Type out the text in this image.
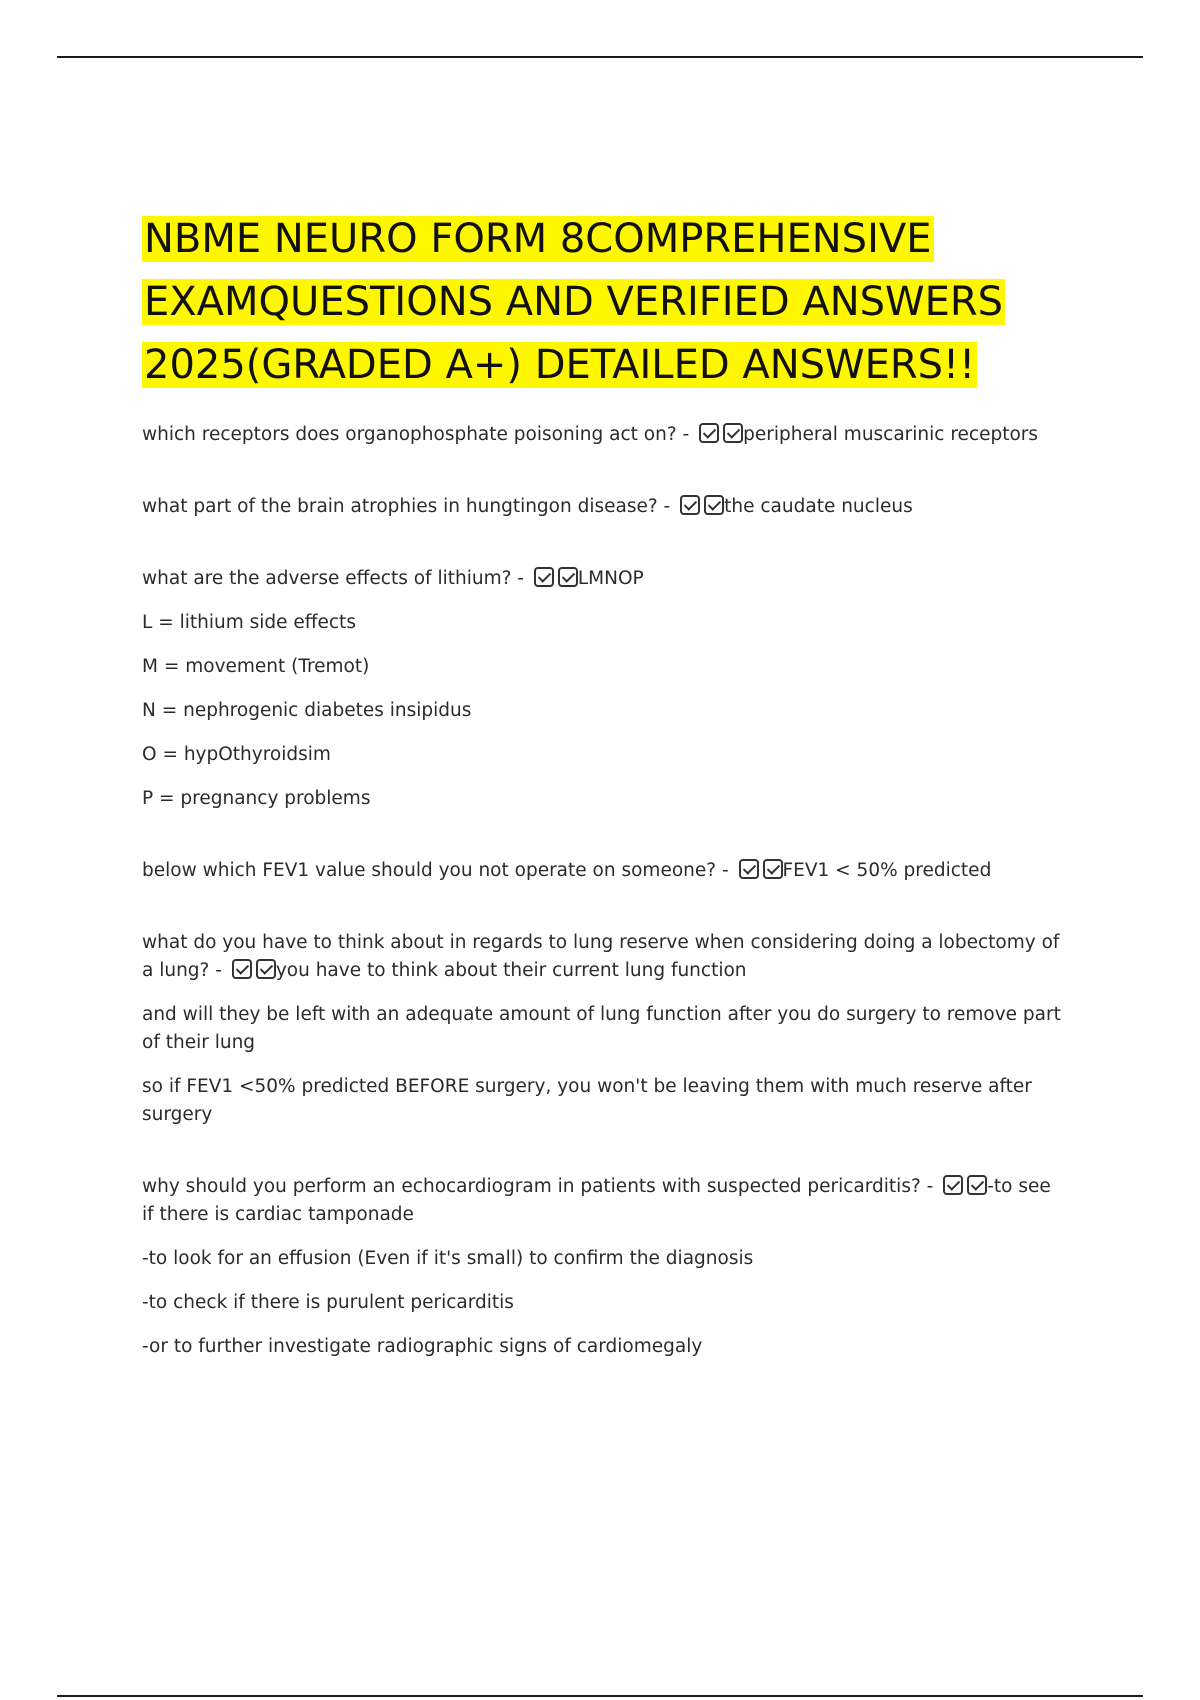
NBME NEURO FORM 8COMPREHENSIVE EXAMQUESTIONS AND VERIFIED ANSWERS 2025(GRADED A+) DETAILED ANSWERS!!

which receptors does organophosphate poisoning act on? -	peripheral muscarinic receptors

what part of the brain atrophies in hungtingon disease? -	the caudate nucleus

what are the adverse effects of lithium? -	LMNOP

L = lithium side effects

M = movement (Tremot)

N = nephrogenic diabetes insipidus

O = hypOthyroidsim

P = pregnancy problems

below which FEV1 value should you not operate on someone? -	FEV1 < 50% predicted

what do you have to think about in regards to lung reserve when considering doing a lobectomy of a lung? -	you have to think about their current lung function

and will they be left with an adequate amount of lung function after you do surgery to remove part of their lung

so if FEV1 <50% predicted BEFORE surgery, you won't be leaving them with much reserve after surgery

why should you perform an echocardiogram in patients with suspected pericarditis? -	-to see if there is cardiac tamponade

-to look for an effusion (Even if it's small) to confirm the diagnosis

-to check if there is purulent pericarditis

-or to further investigate radiographic signs of cardiomegaly
